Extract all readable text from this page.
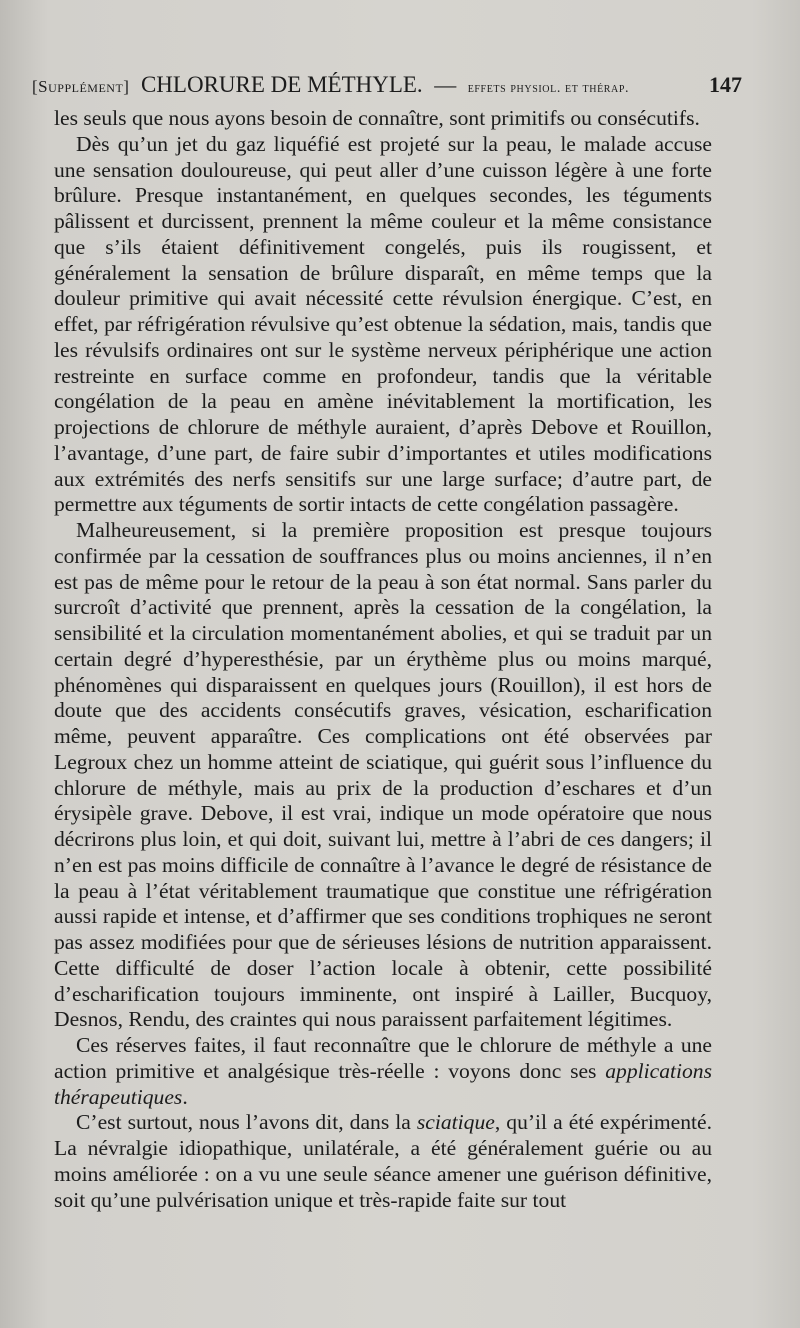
[Supplément] CHLORURE DE MÉTHYLE. — effets physiol. et thérap.	147

les seuls que nous ayons besoin de connaître, sont primitifs ou consécutifs.

Dès qu’un jet du gaz liquéfié est projeté sur la peau, le malade accuse une sensation douloureuse, qui peut aller d’une cuisson légère à une forte brûlure. Presque instantanément, en quelques secondes, les téguments pâlissent et durcissent, prennent la même couleur et la même consistance que s’ils étaient définitivement congelés, puis ils rougissent, et généralement la sensation de brûlure disparaît, en même temps que la douleur primitive qui avait nécessité cette révulsion énergique. C’est, en effet, par réfrigération révulsive qu’est obtenue la sédation, mais, tandis que les révulsifs ordinaires ont sur le système nerveux périphérique une action restreinte en surface comme en profondeur, tandis que la véritable congélation de la peau en amène inévitablement la mortification, les projections de chlorure de méthyle auraient, d’après Debove et Rouillon, l’avantage, d’une part, de faire subir d’importantes et utiles modifications aux extrémités des nerfs sensitifs sur une large surface; d’autre part, de permettre aux téguments de sortir intacts de cette congélation passagère.

Malheureusement, si la première proposition est presque toujours confirmée par la cessation de souffrances plus ou moins anciennes, il n’en est pas de même pour le retour de la peau à son état normal. Sans parler du surcroît d’activité que prennent, après la cessation de la congélation, la sensibilité et la circulation momentanément abolies, et qui se traduit par un certain degré d’hyperesthésie, par un érythème plus ou moins marqué, phénomènes qui disparaissent en quelques jours (Rouillon), il est hors de doute que des accidents consécutifs graves, vésication, escharification même, peuvent apparaître. Ces complications ont été observées par Legroux chez un homme atteint de sciatique, qui guérit sous l’influence du chlorure de méthyle, mais au prix de la production d’eschares et d’un érysipèle grave. Debove, il est vrai, indique un mode opératoire que nous décrirons plus loin, et qui doit, suivant lui, mettre à l’abri de ces dangers; il n’en est pas moins difficile de connaître à l’avance le degré de résistance de la peau à l’état véritablement traumatique que constitue une réfrigération aussi rapide et intense, et d’affirmer que ses conditions trophiques ne seront pas assez modifiées pour que de sérieuses lésions de nutrition apparaissent. Cette difficulté de doser l’action locale à obtenir, cette possibilité d’escharification toujours imminente, ont inspiré à Lailler, Bucquoy, Desnos, Rendu, des craintes qui nous paraissent parfaitement légitimes.

Ces réserves faites, il faut reconnaître que le chlorure de méthyle a une action primitive et analgésique très-réelle : voyons donc ses applications thérapeutiques.

C’est surtout, nous l’avons dit, dans la sciatique, qu’il a été expérimenté. La névralgie idiopathique, unilatérale, a été généralement guérie ou au moins améliorée : on a vu une seule séance amener une guérison définitive, soit qu’une pulvérisation unique et très-rapide faite sur tout
